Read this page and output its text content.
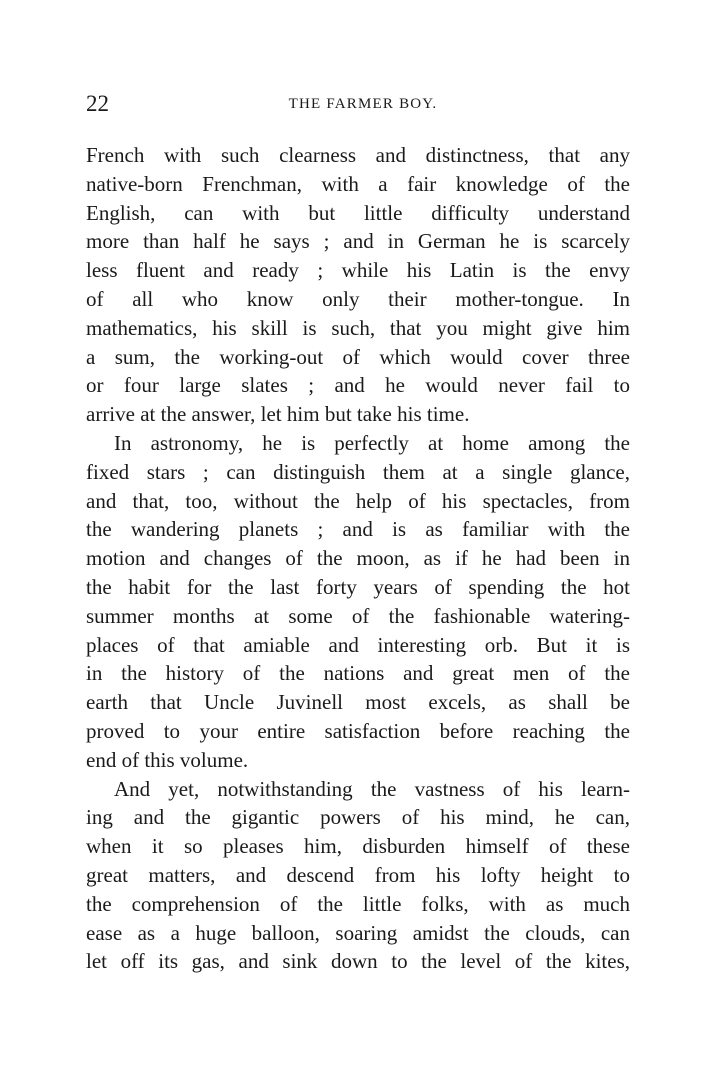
22	THE FARMER BOY.
French with such clearness and distinctness, that any
native-born Frenchman, with a fair knowledge of the
English, can with but little difficulty understand
more than half he says ; and in German he is scarcely
less fluent and ready ; while his Latin is the envy
of all who know only their mother-tongue. In
mathematics, his skill is such, that you might give him
a sum, the working-out of which would cover three
or four large slates ; and he would never fail to
arrive at the answer, let him but take his time.
In astronomy, he is perfectly at home among the
fixed stars ; can distinguish them at a single glance,
and that, too, without the help of his spectacles, from
the wandering planets ; and is as familiar with the
motion and changes of the moon, as if he had been in
the habit for the last forty years of spending the hot
summer months at some of the fashionable watering-
places of that amiable and interesting orb. But it is
in the history of the nations and great men of the
earth that Uncle Juvinell most excels, as shall be
proved to your entire satisfaction before reaching the
end of this volume.
And yet, notwithstanding the vastness of his learn-
ing and the gigantic powers of his mind, he can,
when it so pleases him, disburden himself of these
great matters, and descend from his lofty height to
the comprehension of the little folks, with as much
ease as a huge balloon, soaring amidst the clouds, can
let off its gas, and sink down to the level of the kites,
